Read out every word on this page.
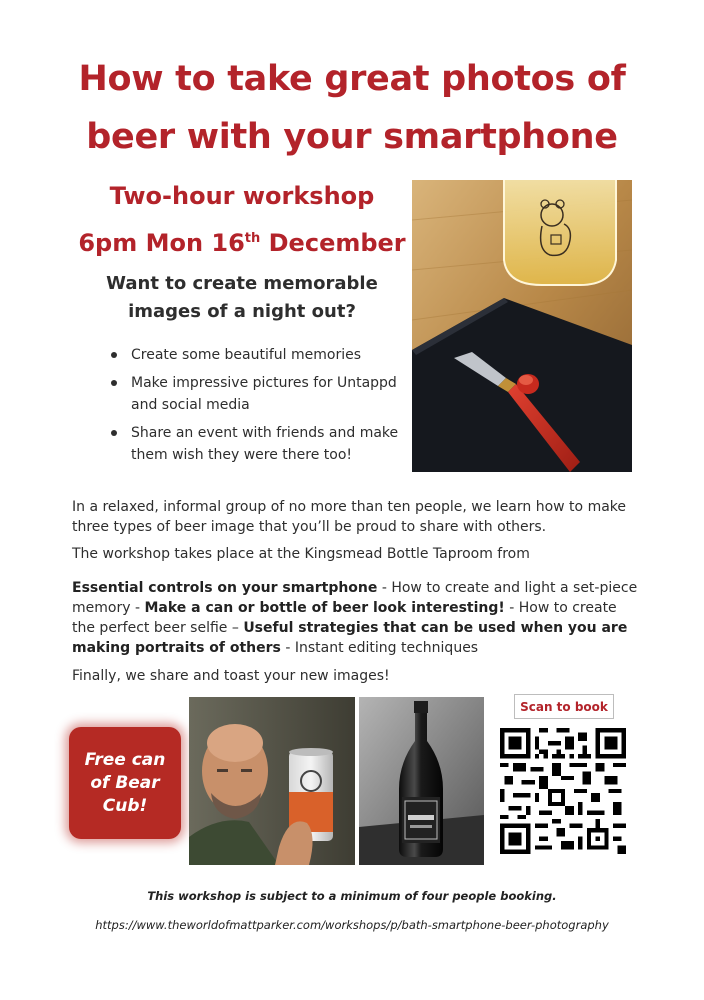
How to take great photos of
beer with your smartphone
Two-hour workshop
6pm Mon 16th December
Want to create memorable
images of a night out?
Create some beautiful memories
Make impressive pictures for Untappd and social media
Share an event with friends and make them wish they were there too!
In a relaxed, informal group of no more than ten people, we learn how to make three types of beer image that you’ll be proud to share with others.
The workshop takes place at the Kingsmead Bottle Taproom from
Essential controls on your smartphone - How to create and light a set-piece memory - Make a can or bottle of beer look interesting! - How to create the perfect beer selfie – Useful strategies that can be used when you are making portraits of others - Instant editing techniques
Finally, we share and toast your new images!
Free can of Bear Cub!
Scan to book
This workshop is subject to a minimum of four people booking.
https://www.theworldofmattparker.com/workshops/p/bath-smartphone-beer-photography
